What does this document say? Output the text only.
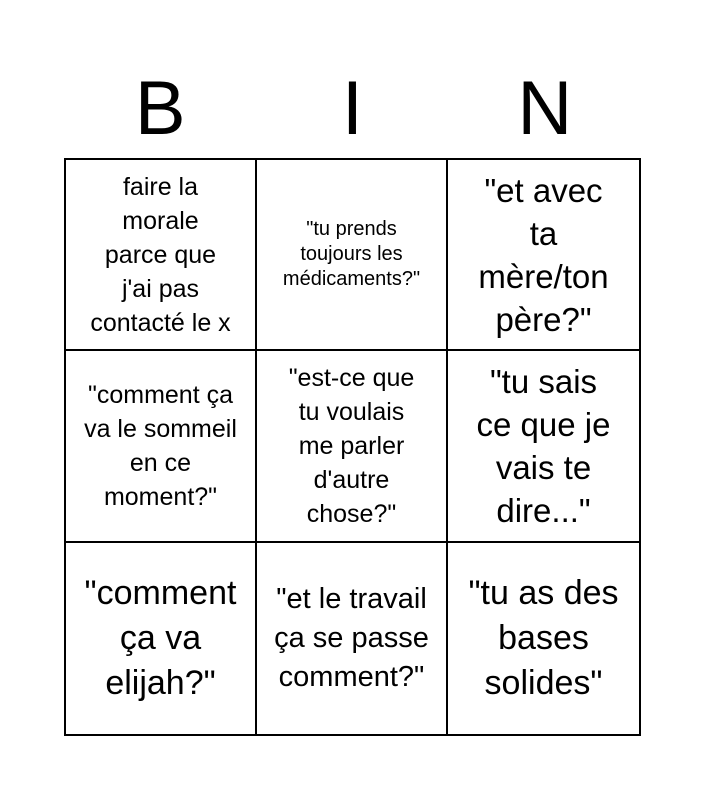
B	I	N
faire la morale parce que j'ai pas contacté le x
"tu prends toujours les médicaments?"
"et avec ta mère/ton père?"
"comment ça va le sommeil en ce moment?"
"est-ce que tu voulais me parler d'autre chose?"
"tu sais ce que je vais te dire..."
"comment ça va elijah?"
"et le travail ça se passe comment?"
"tu as des bases solides"
